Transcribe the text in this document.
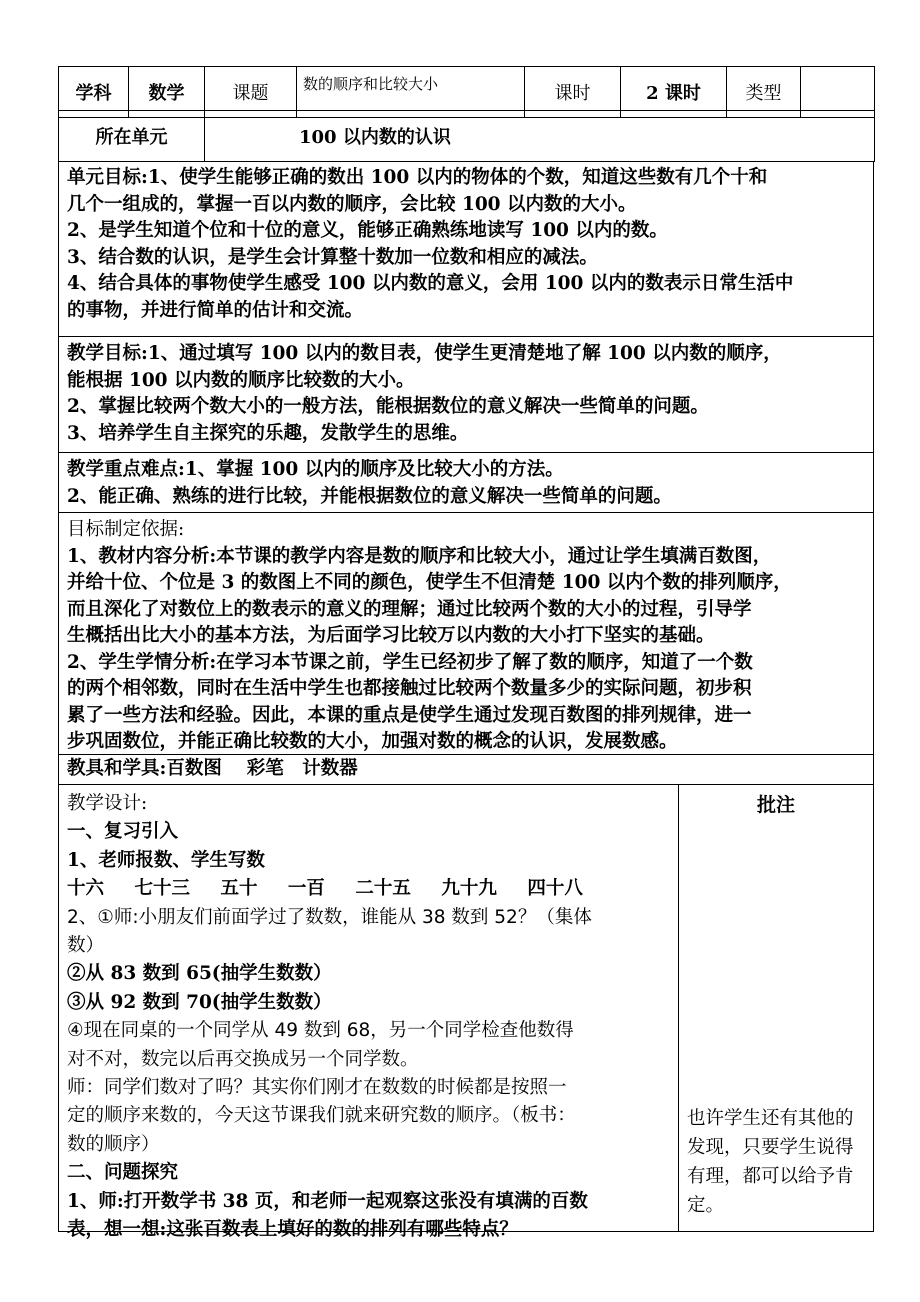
学科	数学	课题	数的顺序和比较大小	课时	2 课时	类型	
所在单元	100 以内数的认识

单元目标:1、使学生能够正确的数出 100 以内的物体的个数，知道这些数有几个十和

几个一组成的，掌握一百以内数的顺序，会比较 100 以内数的大小。

2、是学生知道个位和十位的意义，能够正确熟练地读写 100 以内的数。

3、结合数的认识，是学生会计算整十数加一位数和相应的减法。

4、结合具体的事物使学生感受 100 以内数的意义，会用 100 以内的数表示日常生活中

的事物，并进行简单的估计和交流。

教学目标:1、通过填写 100 以内的数目表，使学生更清楚地了解 100 以内数的顺序，

能根据 100 以内数的顺序比较数的大小。

2、掌握比较两个数大小的一般方法，能根据数位的意义解决一些简单的问题。

3、培养学生自主探究的乐趣，发散学生的思维。

教学重点难点:1、掌握 100 以内的顺序及比较大小的方法。

2、能正确、熟练的进行比较，并能根据数位的意义解决一些简单的问题。

目标制定依据:

1、教材内容分析:本节课的教学内容是数的顺序和比较大小，通过让学生填满百数图，

并给十位、个位是 3 的数图上不同的颜色，使学生不但清楚 100 以内个数的排列顺序，

而且深化了对数位上的数表示的意义的理解；通过比较两个数的大小的过程，引导学

生概括出比大小的基本方法，为后面学习比较万以内数的大小打下坚实的基础。

2、学生学情分析:在学习本节课之前，学生已经初步了解了数的顺序，知道了一个数

的两个相邻数，同时在生活中学生也都接触过比较两个数量多少的实际问题，初步积

累了一些方法和经验。因此，本课的重点是使学生通过发现百数图的排列规律，进一

步巩固数位，并能正确比较数的大小，加强对数的概念的认识，发展数感。

教具和学具:百数图　 彩笔　计数器

教学设计:
一、复习引入
1、老师报数、学生写数
十六 七十三 五十 一百 二十五 九十九 四十八
2、①师:小朋友们前面学过了数数，谁能从 38 数到 52？（集体
数）
②从 83 数到 65(抽学生数数）
③从 92 数到 70(抽学生数数）
④现在同桌的一个同学从 49 数到 68，另一个同学检查他数得
对不对，数完以后再交换成另一个同学数。
师：同学们数对了吗？其实你们刚才在数数的时候都是按照一
定的顺序来数的，今天这节课我们就来研究数的顺序。（板书：
数的顺序）
二、问题探究
1、师:打开数学书 38 页，和老师一起观察这张没有填满的百数
表，想一想:这张百数表上填好的数的排列有哪些特点？
批注
也许学生还有其他的发现，只要学生说得有理，都可以给予肯定。
